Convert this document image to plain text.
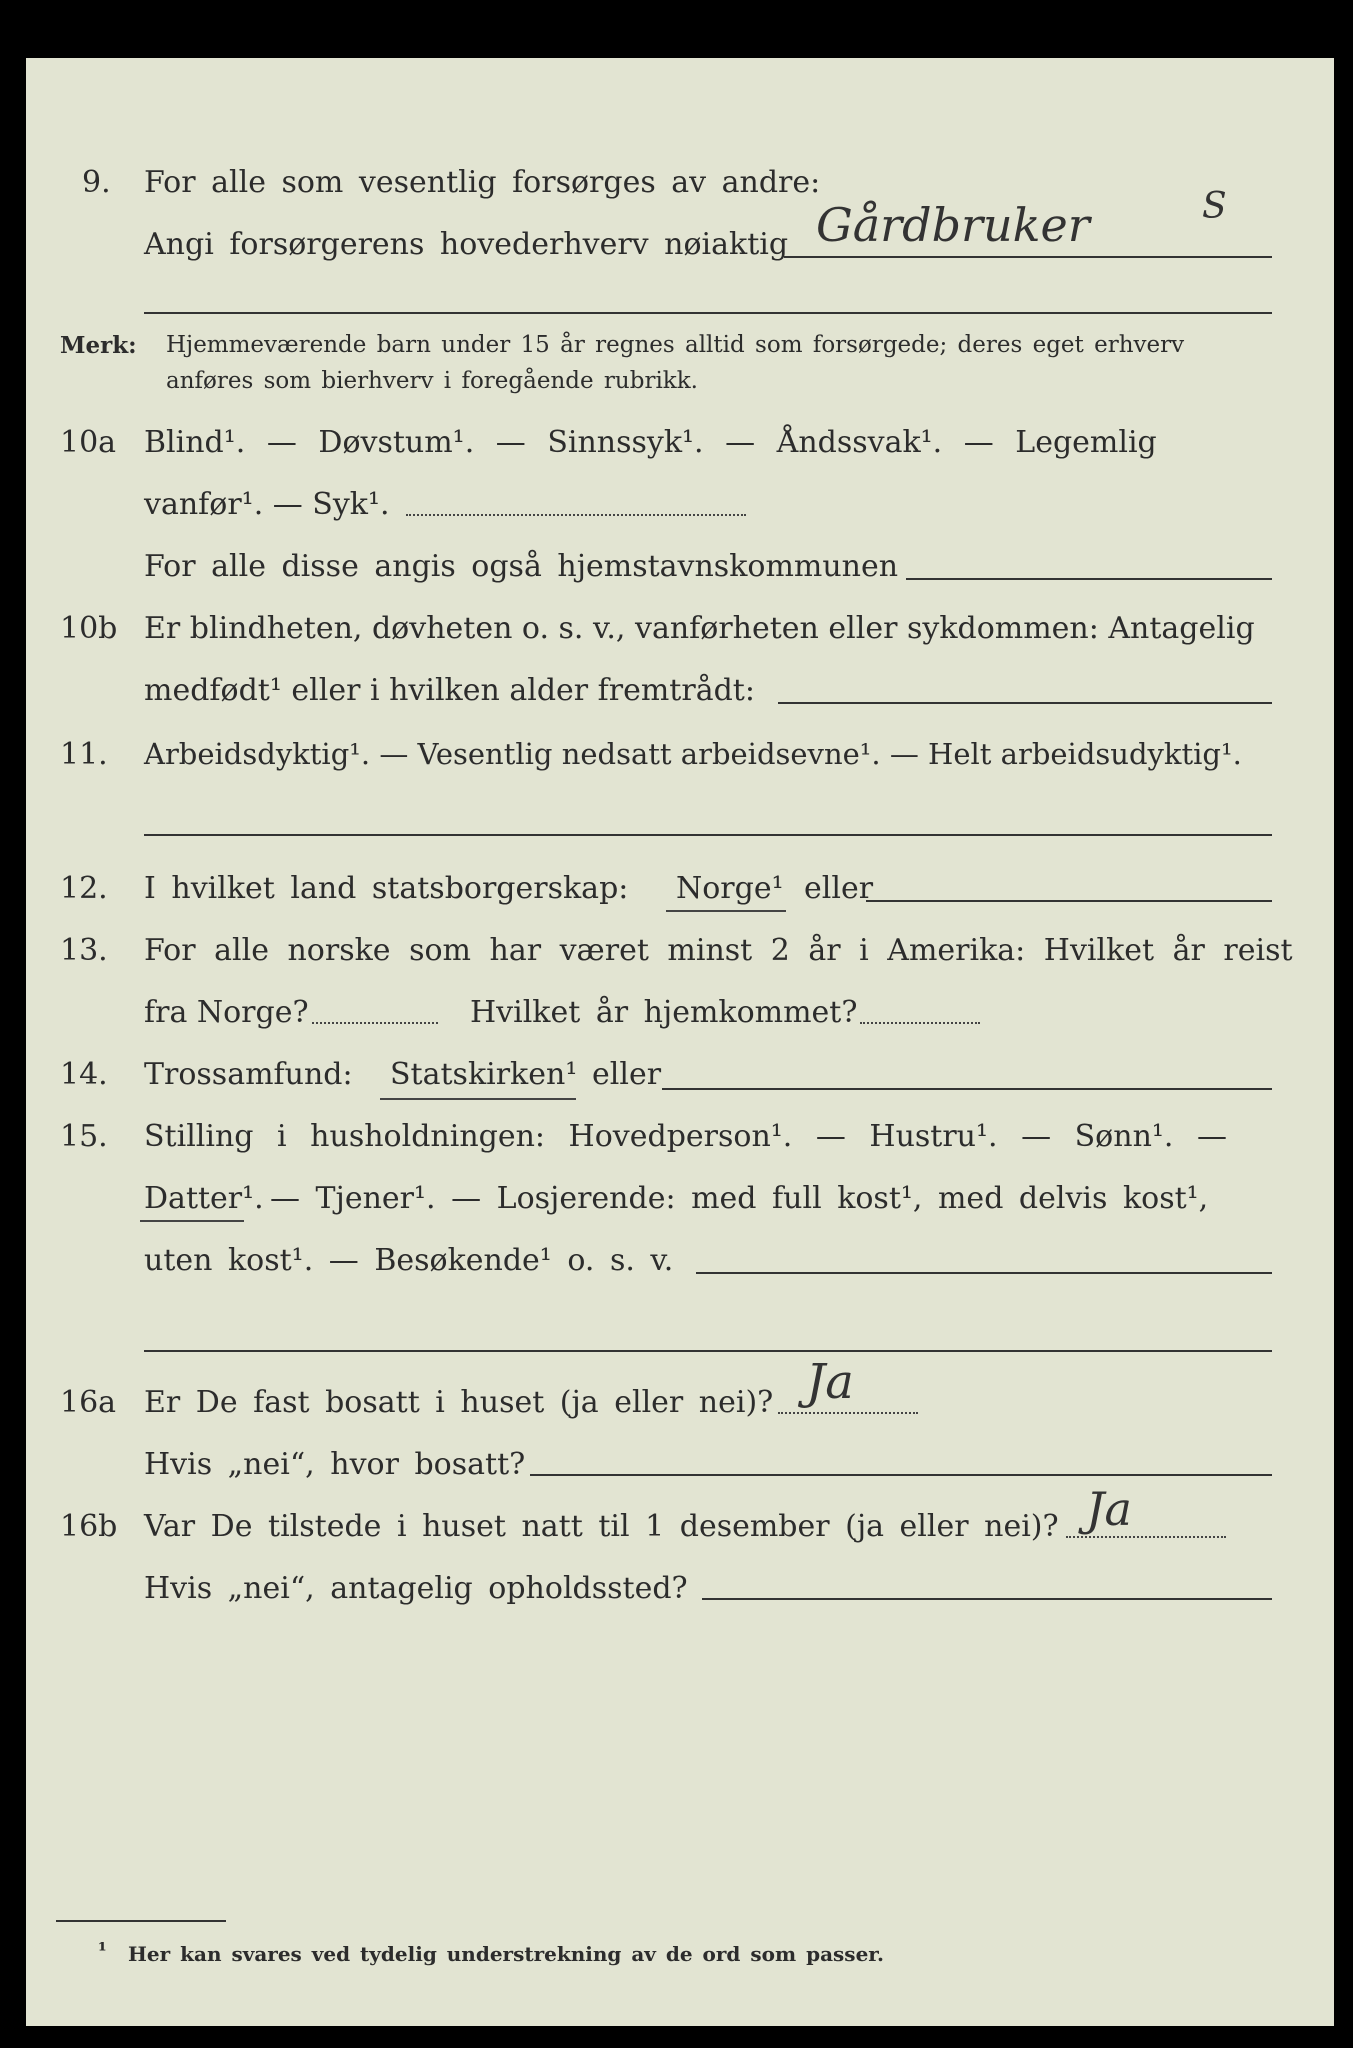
9. For alle som vesentlig forsørges av andre:
Angi forsørgerens hovederhverv nøiaktig Gårdbruker	S
Merk: Hjemmeværende barn under 15 år regnes alltid som forsørgede; deres eget erhverv
anføres som bierhverv i foregående rubrikk.
10a Blind¹. — Døvstum¹. — Sinnssyk¹. — Åndssvak¹. — Legemlig
vanfør¹. — Syk¹.
For alle disse angis også hjemstavnskommunen
10b Er blindheten, døvheten o. s. v., vanførheten eller sykdommen: Antagelig
medfødt¹ eller i hvilken alder fremtrådt:
11. Arbeidsdyktig¹. — Vesentlig nedsatt arbeidsevne¹. — Helt arbeidsudyktig¹.
12. I hvilket land statsborgerskap: Norge¹ eller
13. For alle norske som har været minst 2 år i Amerika: Hvilket år reist
fra Norge?	Hvilket år hjemkommet?
14. Trossamfund: Statskirken¹ eller
15. Stilling i husholdningen: Hovedperson¹. — Hustru¹. — Sønn¹. —
Datter¹. — Tjener¹. — Losjerende: med full kost¹, med delvis kost¹,
uten kost¹. — Besøkende¹ o. s. v.
16a Er De fast bosatt i huset (ja eller nei)? Ja
Hvis „nei“, hvor bosatt?
16b Var De tilstede i huset natt til 1 desember (ja eller nei)? Ja
Hvis „nei“, antagelig opholdssted?
¹ Her kan svares ved tydelig understrekning av de ord som passer.
